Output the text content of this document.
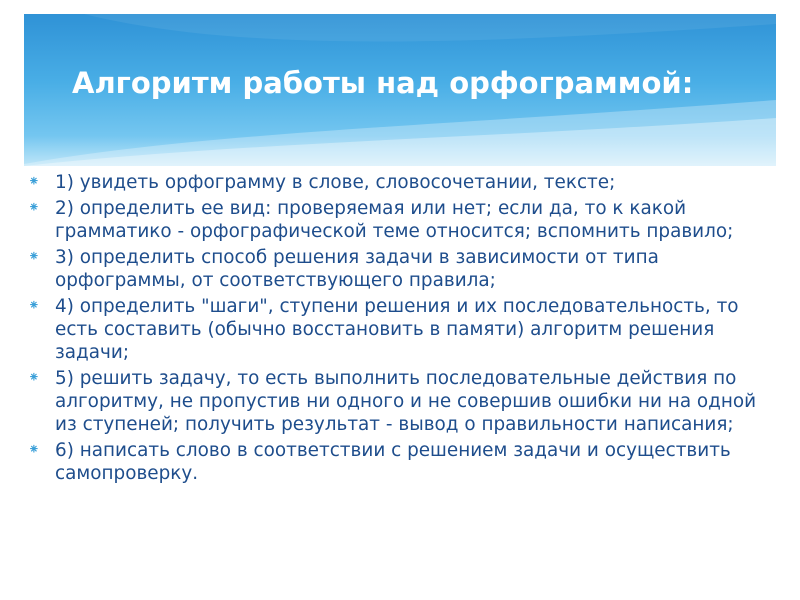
Алгоритм работы над орфограммой:
⁕ 1) увидеть орфограмму в слове, словосочетании, тексте;
⁕ 2) определить ее вид: проверяемая или нет; если да, то к какой грамматико - орфографической теме относится; вспомнить правило;
⁕ 3) определить способ решения задачи в зависимости от типа орфограммы, от соответствующего правила;
⁕ 4) определить "шаги", ступени решения и их последовательность, то есть составить (обычно восстановить в памяти) алгоритм решения задачи;
⁕ 5) решить задачу, то есть выполнить последовательные действия по алгоритму, не пропустив ни одного и не совершив ошибки ни на одной из ступеней; получить результат - вывод о правильности написания;
⁕ 6) написать слово в соответствии с решением задачи и осуществить самопроверку.
